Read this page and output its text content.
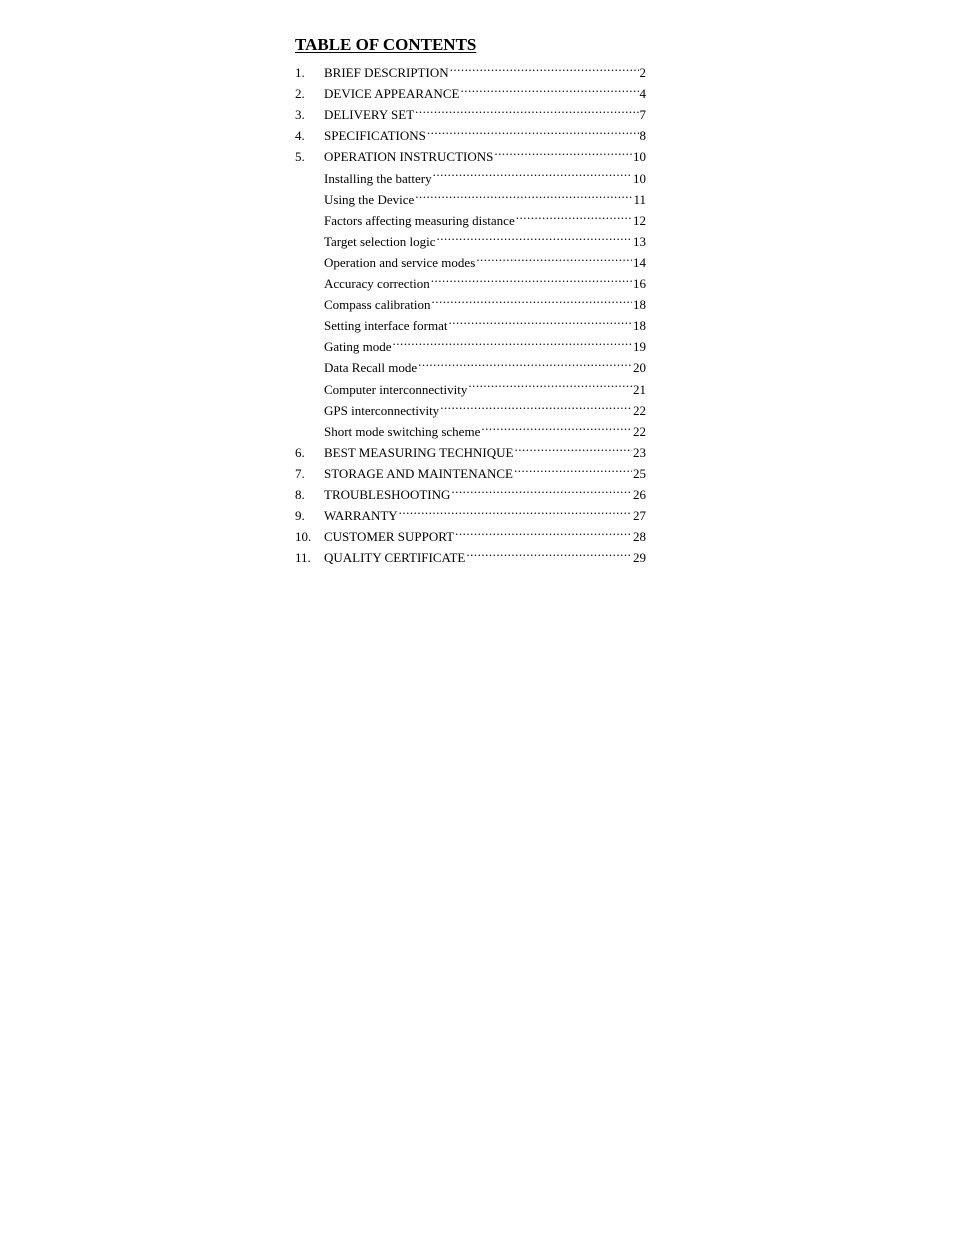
TABLE OF CONTENTS
1.	BRIEF DESCRIPTION .....	2
2.	DEVICE APPEARANCE .....	4
3.	DELIVERY SET .....	7
4.	SPECIFICATIONS .....	8
5.	OPERATION INSTRUCTIONS .....	10
Installing the battery .....	10
Using the Device .....	11
Factors affecting measuring distance .....	12
Target selection logic .....	13
Operation and service modes .....	14
Accuracy correction .....	16
Compass calibration .....	18
Setting interface format .....	18
Gating mode .....	19
Data Recall mode .....	20
Computer interconnectivity .....	21
GPS interconnectivity .....	22
Short mode switching scheme .....	22
6.	BEST MEASURING TECHNIQUE .....	23
7.	STORAGE AND MAINTENANCE .....	25
8.	TROUBLESHOOTING .....	26
9.	WARRANTY .....	27
10. CUSTOMER SUPPORT .....	28
11.	QUALITY CERTIFICATE .....	29
